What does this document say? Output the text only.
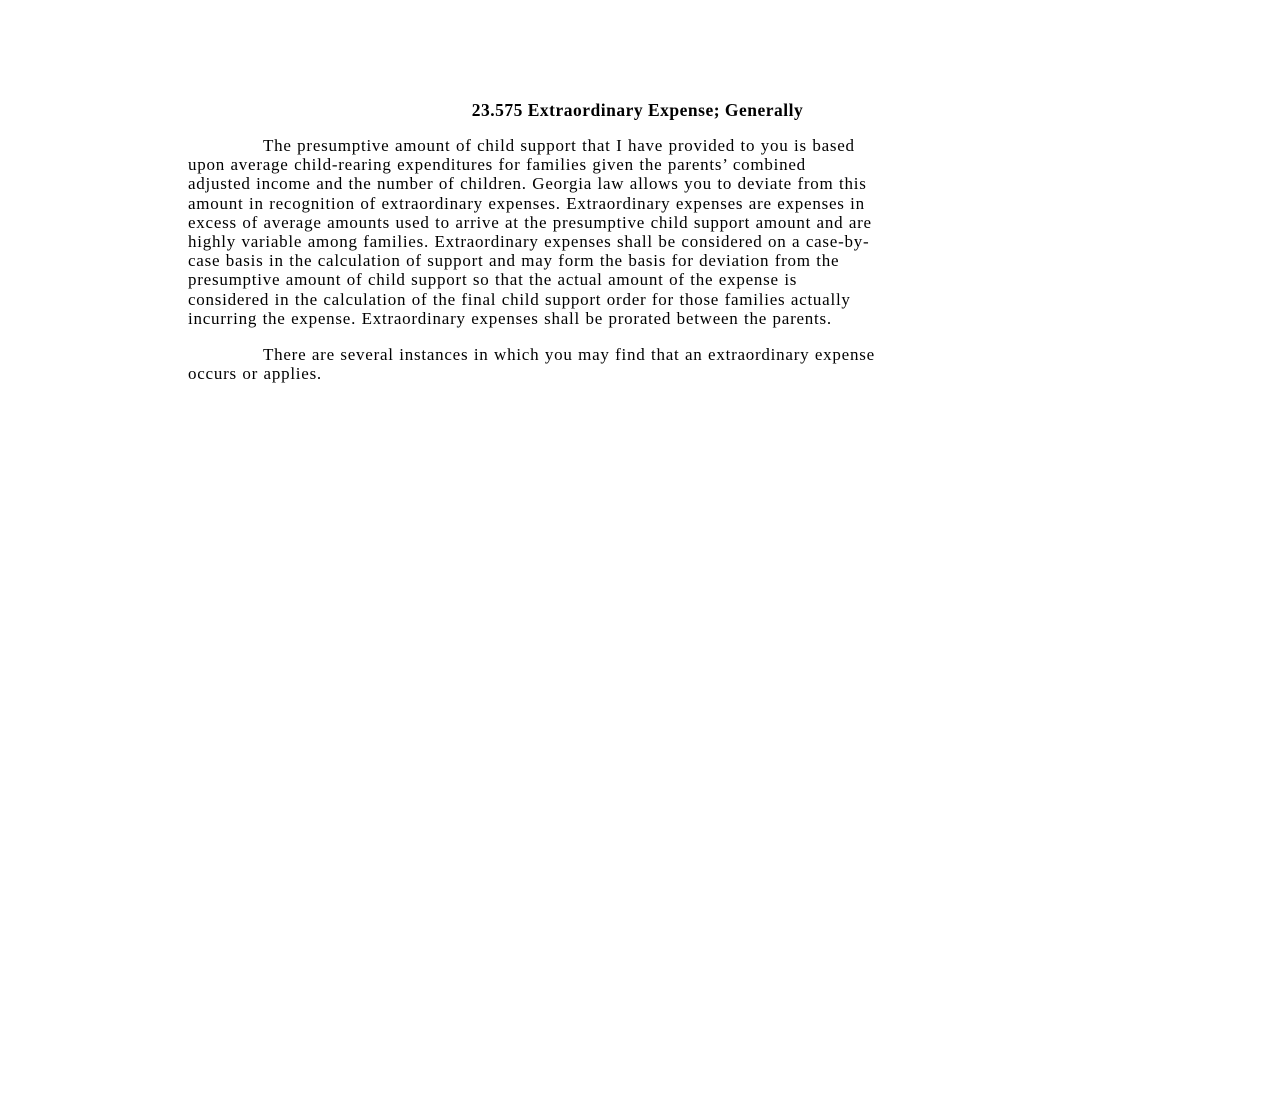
23.575 Extraordinary Expense; Generally
The presumptive amount of child support that I have provided to you is based
upon average child-rearing expenditures for families given the parents’ combined
adjusted income and the number of children. Georgia law allows you to deviate from this
amount in recognition of extraordinary expenses. Extraordinary expenses are expenses in
excess of average amounts used to arrive at the presumptive child support amount and are
highly variable among families. Extraordinary expenses shall be considered on a case-by-
case basis in the calculation of support and may form the basis for deviation from the
presumptive amount of child support so that the actual amount of the expense is
considered in the calculation of the final child support order for those families actually
incurring the expense. Extraordinary expenses shall be prorated between the parents.
There are several instances in which you may find that an extraordinary expense
occurs or applies.
